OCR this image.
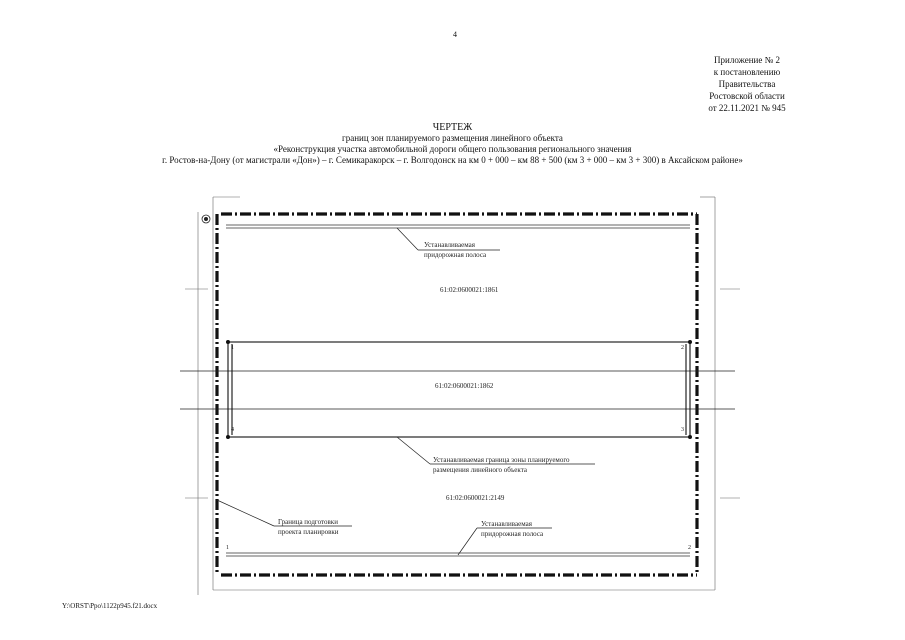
4
Приложение № 2
к постановлению
Правительства
Ростовской области
от 22.11.2021 № 945
ЧЕРТЕЖ
границ зон планируемого размещения линейного объекта
«Реконструкция участка автомобильной дороги общего пользования регионального значения
г. Ростов-на-Дону (от магистрали «Дон») – г. Семикаракорск – г. Волгодонск на км 0 + 000 – км 88 + 500 (км 3 + 000 – км 3 + 300) в Аксайском районе»
Устанавливаемая
придорожная полоса
61:02:0600021:1861
61:02:0600021:1862
61:02:0600021:2149
1	2
3
4
1	2
Устанавливаемая граница зоны планируемого
размещения линейного объекта
Граница подготовки
проекта планировки
Устанавливаемая
придорожная полоса
Y:\ORST\Ppo\1122p945.f21.docx
